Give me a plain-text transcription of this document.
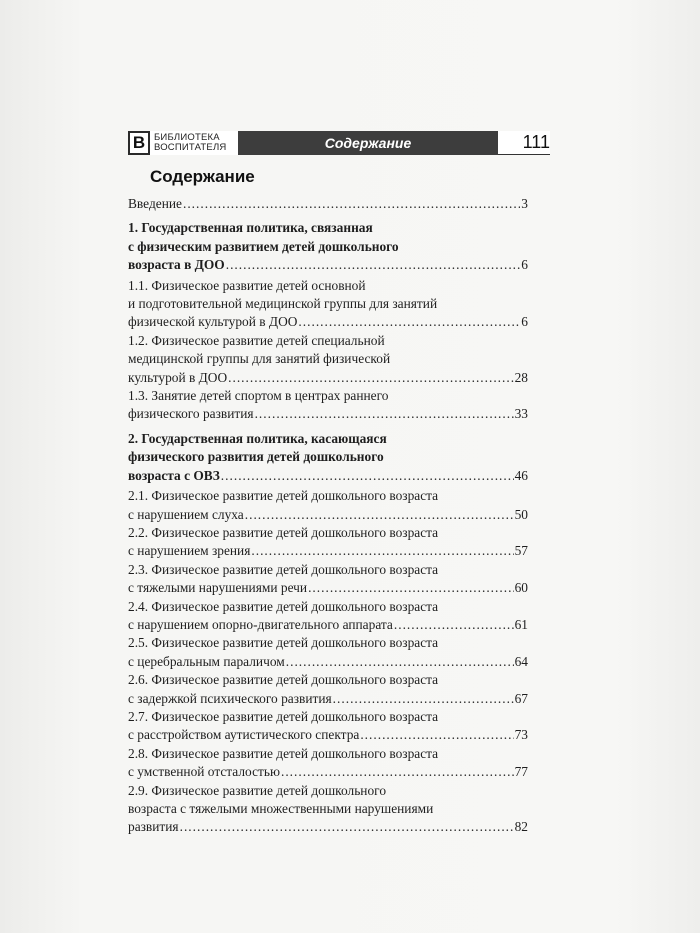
В БИБЛИОТЕКА
ВОСПИТАТЕЛЯ	Содержание	111
Содержание
Введение .....	3
1. Государственная политика, связанная
с физическим развитием детей дошкольного
возраста в ДОО .....	6
1.1. Физическое развитие детей основной
и подготовительной медицинской группы для занятий
физической культурой в ДОО .....	6
1.2. Физическое развитие детей специальной
медицинской группы для занятий физической
культурой в ДОО .....	28
1.3. Занятие детей спортом в центрах раннего
физического развития .....	33
2. Государственная политика, касающаяся
физического развития детей дошкольного
возраста с ОВЗ .....	46
2.1. Физическое развитие детей дошкольного возраста
с нарушением слуха .....	50
2.2. Физическое развитие детей дошкольного возраста
с нарушением зрения .....	57
2.3. Физическое развитие детей дошкольного возраста
с тяжелыми нарушениями речи .....	60
2.4. Физическое развитие детей дошкольного возраста
с нарушением опорно-двигательного аппарата .....	61
2.5. Физическое развитие детей дошкольного возраста
с церебральным параличом .....	64
2.6. Физическое развитие детей дошкольного возраста
с задержкой психического развития .....	67
2.7. Физическое развитие детей дошкольного возраста
с расстройством аутистического спектра .....	73
2.8. Физическое развитие детей дошкольного возраста
с умственной отсталостью .....	77
2.9. Физическое развитие детей дошкольного
возраста с тяжелыми множественными нарушениями
развития .....	82
